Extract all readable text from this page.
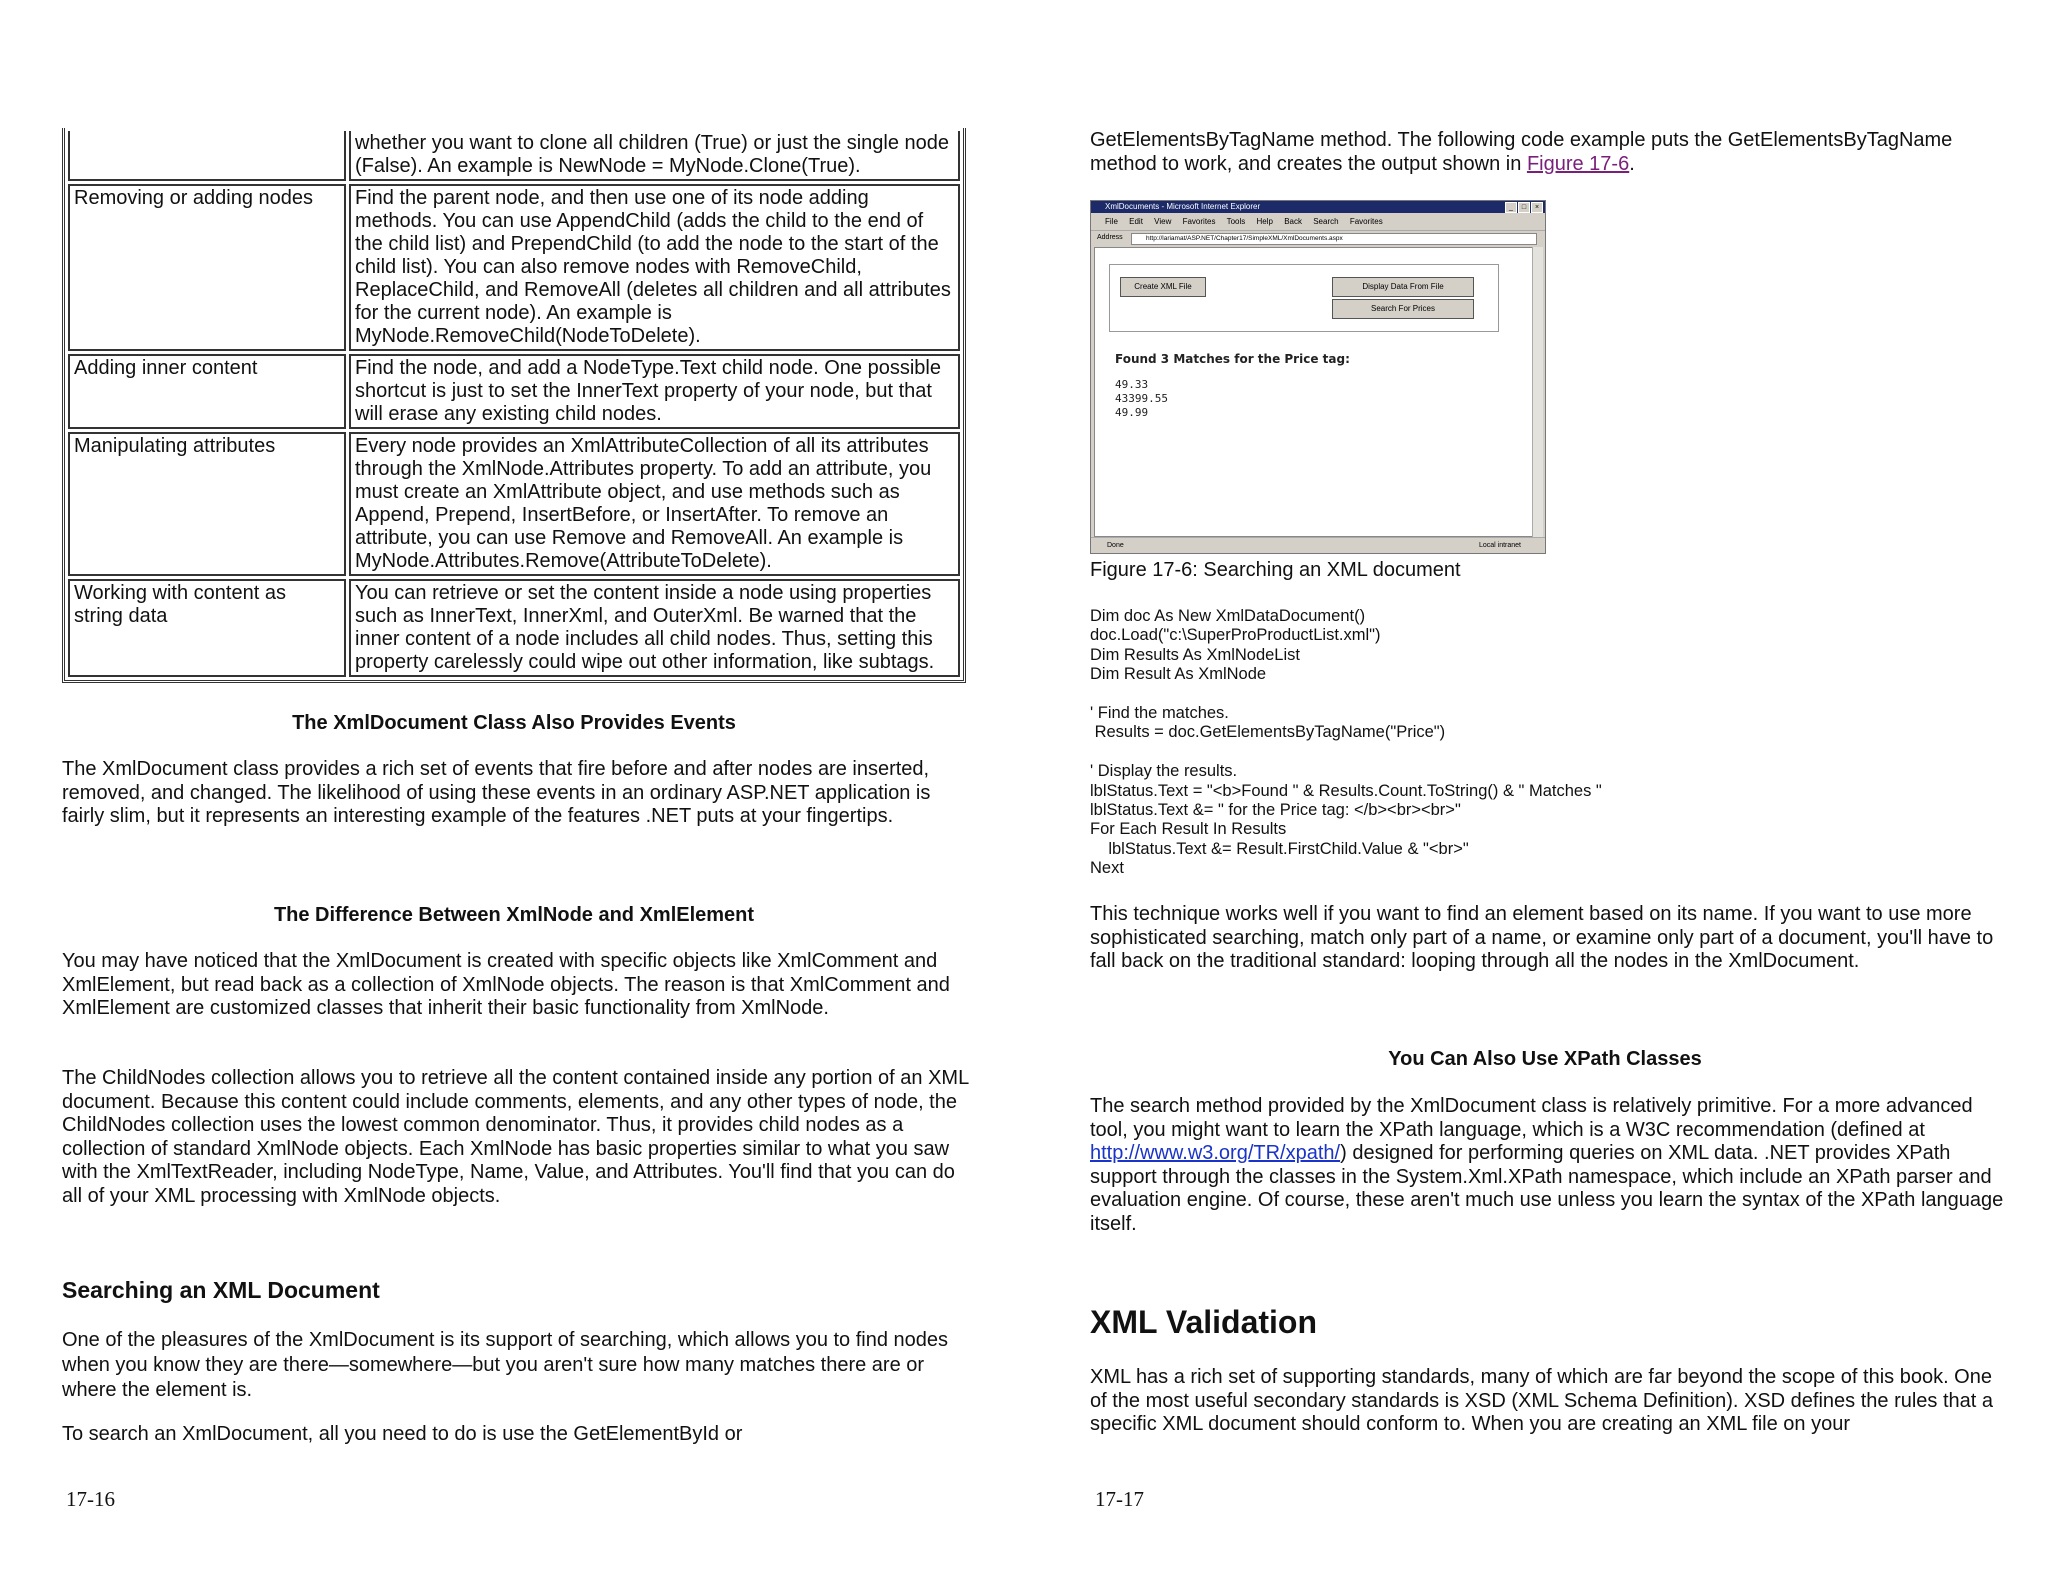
	whether you want to clone all children (True) or just the single node (False). An example is NewNode = MyNode.Clone(True).
Removing or adding nodes	Find the parent node, and then use one of its node adding methods. You can use AppendChild (adds the child to the end of the child list) and PrependChild (to add the node to the start of the child list). You can also remove nodes with RemoveChild, ReplaceChild, and RemoveAll (deletes all children and all attributes for the current node). An example is MyNode.RemoveChild(NodeToDelete).
Adding inner content	Find the node, and add a NodeType.Text child node. One possible shortcut is just to set the InnerText property of your node, but that will erase any existing child nodes.
Manipulating attributes	Every node provides an XmlAttributeCollection of all its attributes through the XmlNode.Attributes property. To add an attribute, you must create an XmlAttribute object, and use methods such as Append, Prepend, InsertBefore, or InsertAfter. To remove an attribute, you can use Remove and RemoveAll. An example is MyNode.Attributes.Remove(AttributeToDelete).
Working with content as string data	You can retrieve or set the content inside a node using properties such as InnerText, InnerXml, and OuterXml. Be warned that the inner content of a node includes all child nodes. Thus, setting this property carelessly could wipe out other information, like subtags.
The XmlDocument Class Also Provides Events

The XmlDocument class provides a rich set of events that fire before and after nodes are inserted, removed, and changed. The likelihood of using these events in an ordinary ASP.NET application is fairly slim, but it represents an interesting example of the features .NET puts at your fingertips.

The Difference Between XmlNode and XmlElement

You may have noticed that the XmlDocument is created with specific objects like XmlComment and XmlElement, but read back as a collection of XmlNode objects. The reason is that XmlComment and XmlElement are customized classes that inherit their basic functionality from XmlNode.

The ChildNodes collection allows you to retrieve all the content contained inside any portion of an XML document. Because this content could include comments, elements, and any other types of node, the ChildNodes collection uses the lowest common denominator. Thus, it provides child nodes as a collection of standard XmlNode objects. Each XmlNode has basic properties similar to what you saw with the XmlTextReader, including NodeType, Name, Value, and Attributes. You'll find that you can do all of your XML processing with XmlNode objects.

Searching an XML Document

One of the pleasures of the XmlDocument is its support of searching, which allows you to find nodes when you know they are there—somewhere—but you aren't sure how many matches there are or where the element is.

To search an XmlDocument, all you need to do is use the GetElementById or

17-16

GetElementsByTagName method. The following code example puts the GetElementsByTagName method to work, and creates the output shown in Figure 17-6.

XmlDocuments - Microsoft Internet Explorer	_	□	×
File Edit View Favorites Tools Help Back Search Favorites
Address	http://lariamat/ASP.NET/Chapter17/SimpleXML/XmlDocuments.aspx
Create XML File	Display Data From File
Search For Prices
Found 3 Matches for the Price tag:
49.33
43399.55
49.99
Done	Local intranet
Figure 17-6: Searching an XML document
Dim doc As New XmlDataDocument()
doc.Load("c:\SuperProProductList.xml")
Dim Results As XmlNodeList
Dim Result As XmlNode

' Find the matches.
Results = doc.GetElementsByTagName("Price")

' Display the results.
lblStatus.Text = "<b>Found " & Results.Count.ToString() & " Matches "
lblStatus.Text &= " for the Price tag: </b><br><br>"
For Each Result In Results
lblStatus.Text &= Result.FirstChild.Value & "<br>"
Next

This technique works well if you want to find an element based on its name. If you want to use more sophisticated searching, match only part of a name, or examine only part of a document, you'll have to fall back on the traditional standard: looping through all the nodes in the XmlDocument.

You Can Also Use XPath Classes

The search method provided by the XmlDocument class is relatively primitive. For a more advanced tool, you might want to learn the XPath language, which is a W3C recommendation (defined at http://www.w3.org/TR/xpath/) designed for performing queries on XML data. .NET provides XPath support through the classes in the System.Xml.XPath namespace, which include an XPath parser and evaluation engine. Of course, these aren't much use unless you learn the syntax of the XPath language itself.

XML Validation

XML has a rich set of supporting standards, many of which are far beyond the scope of this book. One of the most useful secondary standards is XSD (XML Schema Definition). XSD defines the rules that a specific XML document should conform to. When you are creating an XML file on your

17-17
